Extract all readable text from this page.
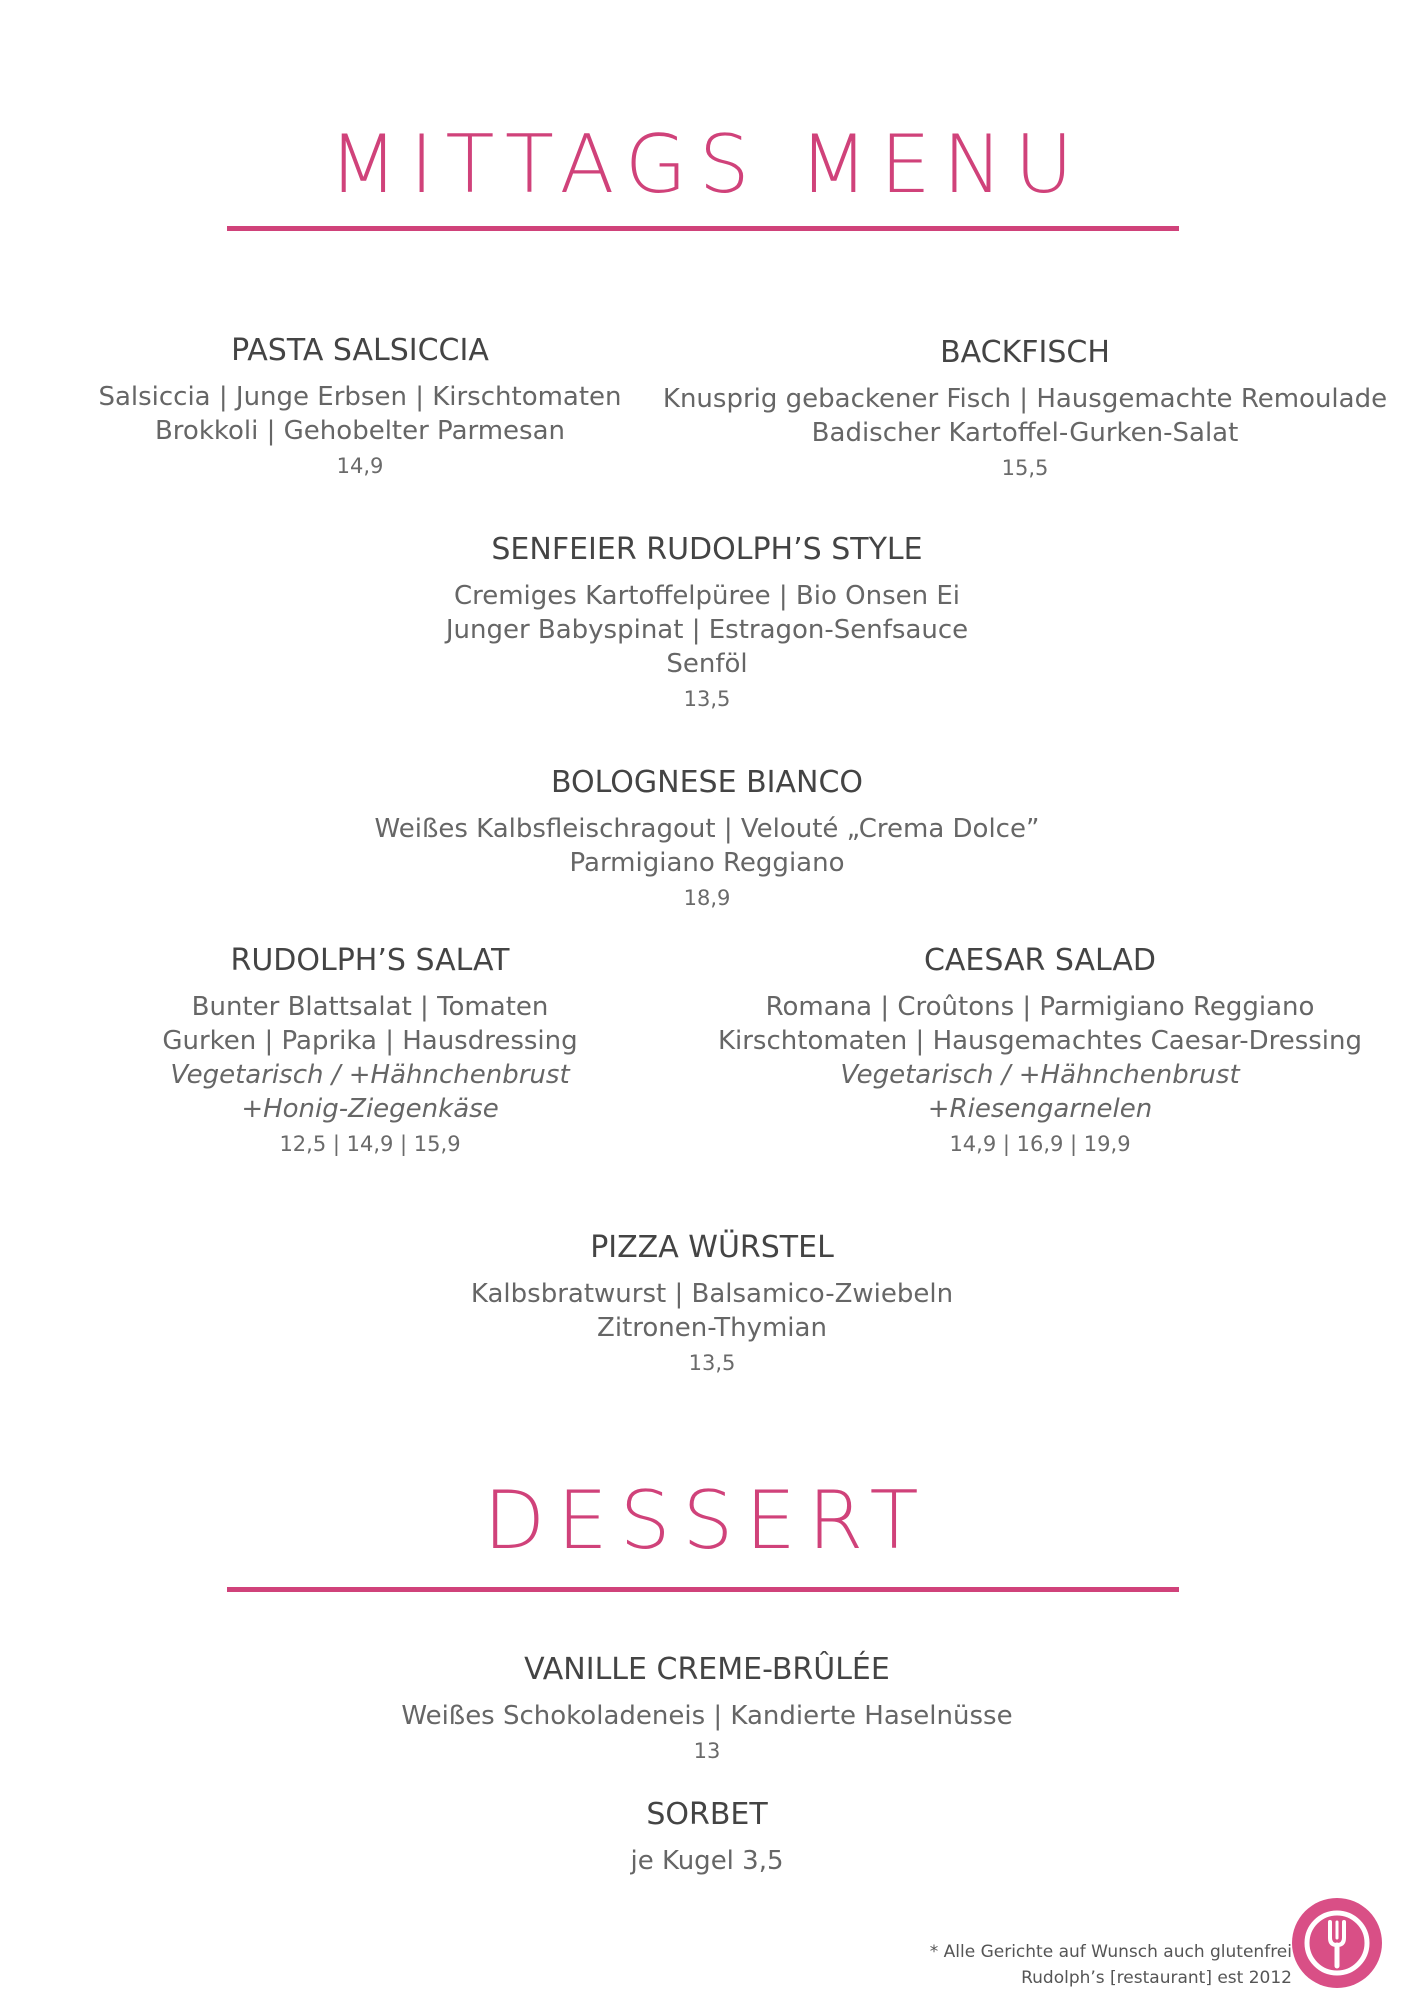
MITTAGS MENU
PASTA SALSICCIA
Salsiccia | Junge Erbsen | Kirschtomaten
Brokkoli | Gehobelter Parmesan
14,9
BACKFISCH
Knusprig gebackener Fisch | Hausgemachte Remoulade
Badischer Kartoffel-Gurken-Salat
15,5
SENFEIER RUDOLPH’S STYLE
Cremiges Kartoffelpüree | Bio Onsen Ei
Junger Babyspinat | Estragon-Senfsauce
Senföl
13,5
BOLOGNESE BIANCO
Weißes Kalbsfleischragout | Velouté „Crema Dolce”
Parmigiano Reggiano
18,9
RUDOLPH’S SALAT
Bunter Blattsalat | Tomaten
Gurken | Paprika | Hausdressing
Vegetarisch / +Hähnchenbrust
+Honig-Ziegenkäse
12,5 | 14,9 | 15,9
CAESAR SALAD
Romana | Croûtons | Parmigiano Reggiano
Kirschtomaten | Hausgemachtes Caesar-Dressing
Vegetarisch / +Hähnchenbrust
+Riesengarnelen
14,9 | 16,9 | 19,9
PIZZA WÜRSTEL
Kalbsbratwurst | Balsamico-Zwiebeln
Zitronen-Thymian
13,5
DESSERT
VANILLE CREME-BRÛLÉE
Weißes Schokoladeneis | Kandierte Haselnüsse
13
SORBET
je Kugel 3,5
* Alle Gerichte auf Wunsch auch glutenfrei
Rudolph’s [restaurant] est 2012
